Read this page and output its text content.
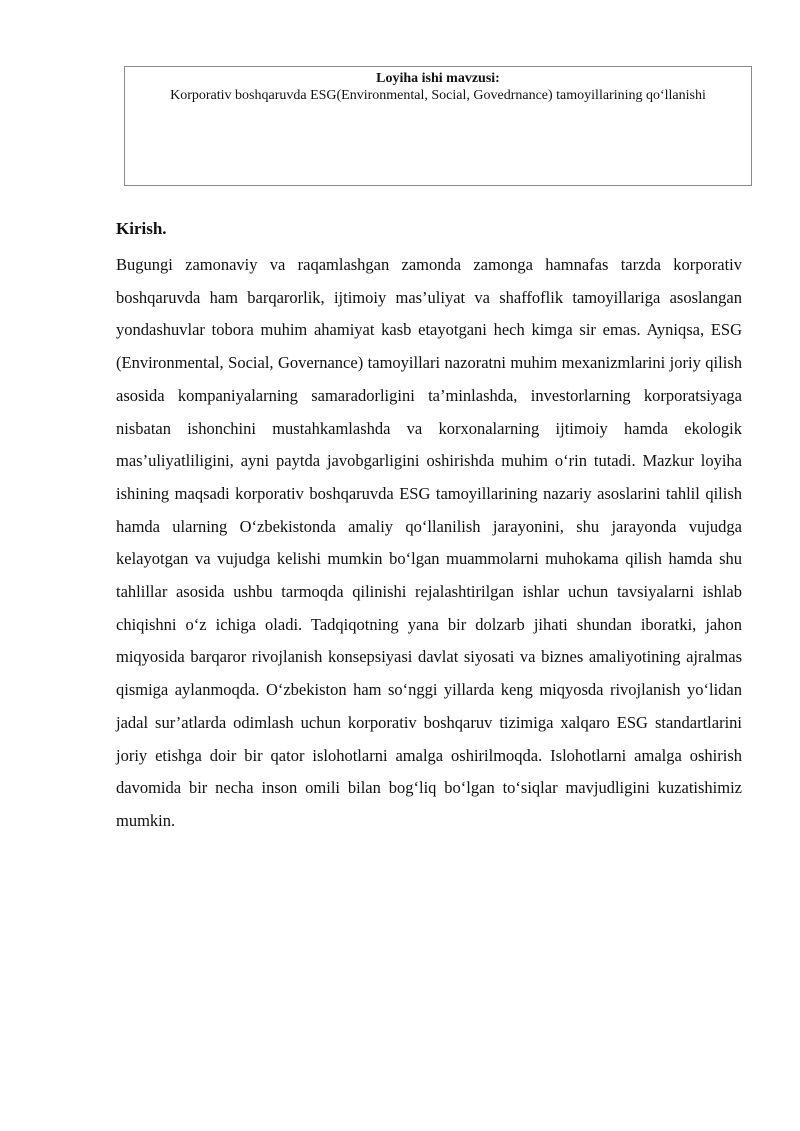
Loyiha ishi mavzusi:
Korporativ boshqaruvda ESG(Environmental, Social, Govedrnance) tamoyillarining qo‘llanishi
Kirish.

Bugungi zamonaviy va raqamlashgan zamonda zamonga hamnafas tarzda korporativ boshqaruvda ham barqarorlik, ijtimoiy mas’uliyat va shaffoflik tamoyillariga asoslangan yondashuvlar tobora muhim ahamiyat kasb etayotgani hech kimga sir emas. Ayniqsa, ESG (Environmental, Social, Governance) tamoyillari nazoratni muhim mexanizmlarini joriy qilish asosida kompaniyalarning samaradorligini ta’minlashda, investorlarning korporatsiyaga nisbatan ishonchini mustahkamlashda va korxonalarning ijtimoiy hamda ekologik mas’uliyatliligini, ayni paytda javobgarligini oshirishda muhim o‘rin tutadi. Mazkur loyiha ishining maqsadi korporativ boshqaruvda ESG tamoyillarining nazariy asoslarini tahlil qilish hamda ularning O‘zbekistonda amaliy qo‘llanilish jarayonini, shu jarayonda vujudga kelayotgan va vujudga kelishi mumkin bo‘lgan muammolarni muhokama qilish hamda shu tahlillar asosida ushbu tarmoqda qilinishi rejalashtirilgan ishlar uchun tavsiyalarni ishlab chiqishni o‘z ichiga oladi. Tadqiqotning yana bir dolzarb jihati shundan iboratki, jahon miqyosida barqaror rivojlanish konsepsiyasi davlat siyosati va biznes amaliyotining ajralmas qismiga aylanmoqda. O‘zbekiston ham so‘nggi yillarda keng miqyosda rivojlanish yo‘lidan jadal sur’atlarda odimlash uchun korporativ boshqaruv tizimiga xalqaro ESG standartlarini joriy etishga doir bir qator islohotlarni amalga oshirilmoqda. Islohotlarni amalga oshirish davomida bir necha inson omili bilan bog‘liq bo‘lgan to‘siqlar mavjudligini kuzatishimiz mumkin.
